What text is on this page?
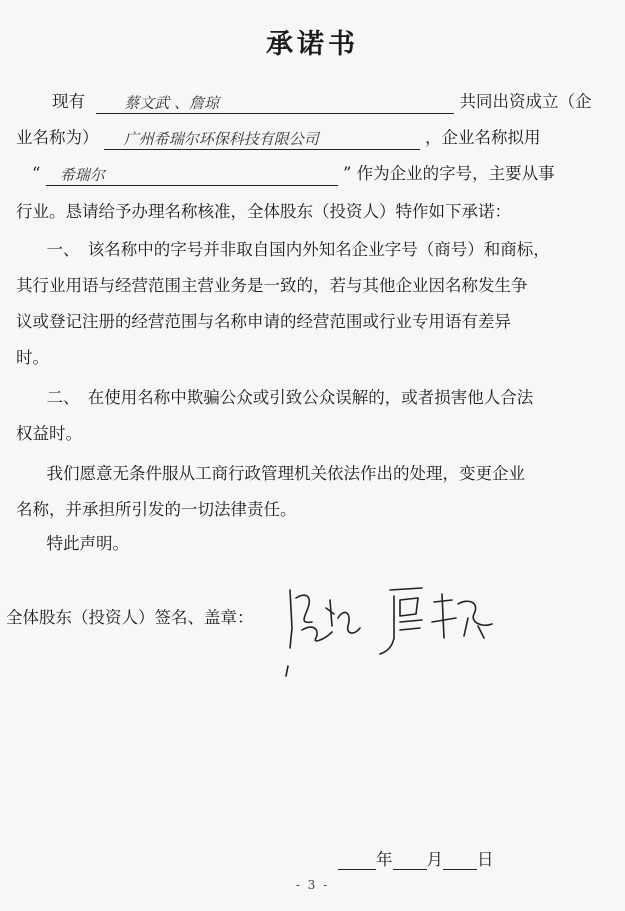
承诺书
现有	蔡文武 、詹琼	共同出资成立（企
业名称为） 广州希瑞尔环保科技有限公司	，企业名称拟用
“ 希瑞尔	” 作为企业的字号，主要从事
行业。恳请给予办理名称核准，全体股东（投资人）特作如下承诺：
　一、　该名称中的字号并非取自国内外知名企业字号（商号）和商标，
其行业用语与经营范围主营业务是一致的，若与其他企业因名称发生争
议或登记注册的经营范围与名称申请的经营范围或行业专用语有差异
时。
　二、　在使用名称中欺骗公众或引致公众误解的，或者损害他人合法
权益时。
　我们愿意无条件服从工商行政管理机关依法作出的处理，变更企业
名称，并承担所引发的一切法律责任。
　特此声明。
全体股东（投资人）签名、盖章：
年 月 日
- 3 -
